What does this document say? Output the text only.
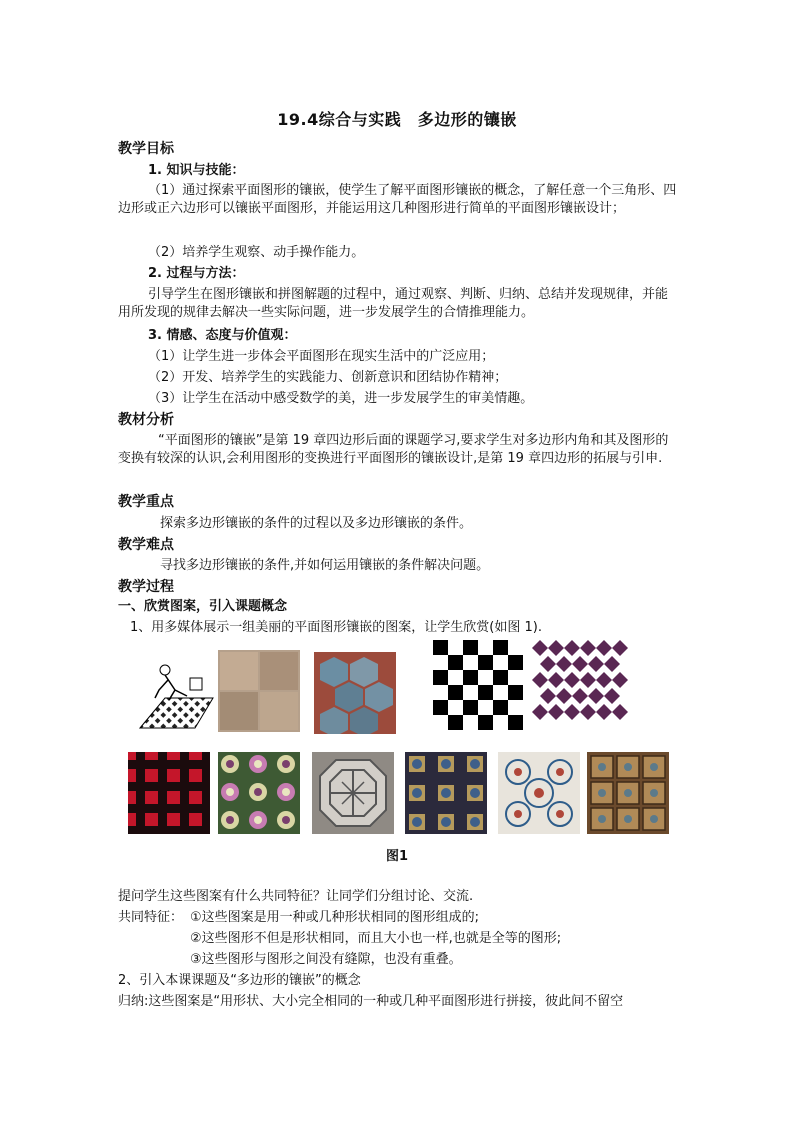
19.4综合与实践　多边形的镶嵌
教学目标
1. 知识与技能：
（1）通过探索平面图形的镶嵌，使学生了解平面图形镶嵌的概念，了解任意一个三角形、四边形或正六边形可以镶嵌平面图形，并能运用这几种图形进行简单的平面图形镶嵌设计；
（2）培养学生观察、动手操作能力。
2. 过程与方法：
引导学生在图形镶嵌和拼图解题的过程中，通过观察、判断、归纳、总结并发现规律，并能用所发现的规律去解决一些实际问题，进一步发展学生的合情推理能力。
3. 情感、态度与价值观：
（1）让学生进一步体会平面图形在现实生活中的广泛应用；
（2）开发、培养学生的实践能力、创新意识和团结协作精神；
（3）让学生在活动中感受数学的美，进一步发展学生的审美情趣。
教材分析
“平面图形的镶嵌”是第 19 章四边形后面的课题学习,要求学生对多边形内角和其及图形的变换有较深的认识,会利用图形的变换进行平面图形的镶嵌设计,是第 19 章四边形的拓展与引申.
教学重点
探索多边形镶嵌的条件的过程以及多边形镶嵌的条件。
教学难点
寻找多边形镶嵌的条件,并如何运用镶嵌的条件解决问题。
教学过程
一、欣赏图案，引入课题概念
1、用多媒体展示一组美丽的平面图形镶嵌的图案，让学生欣赏(如图 1).
图1
提问学生这些图案有什么共同特征？让同学们分组讨论、交流.
共同特征： ①这些图案是用一种或几种形状相同的图形组成的;
②这些图形不但是形状相同，而且大小也一样,也就是全等的图形;
③这些图形与图形之间没有缝隙，也没有重叠。
2、引入本课课题及“多边形的镶嵌”的概念
归纳:这些图案是“用形状、大小完全相同的一种或几种平面图形进行拼接，彼此间不留空
